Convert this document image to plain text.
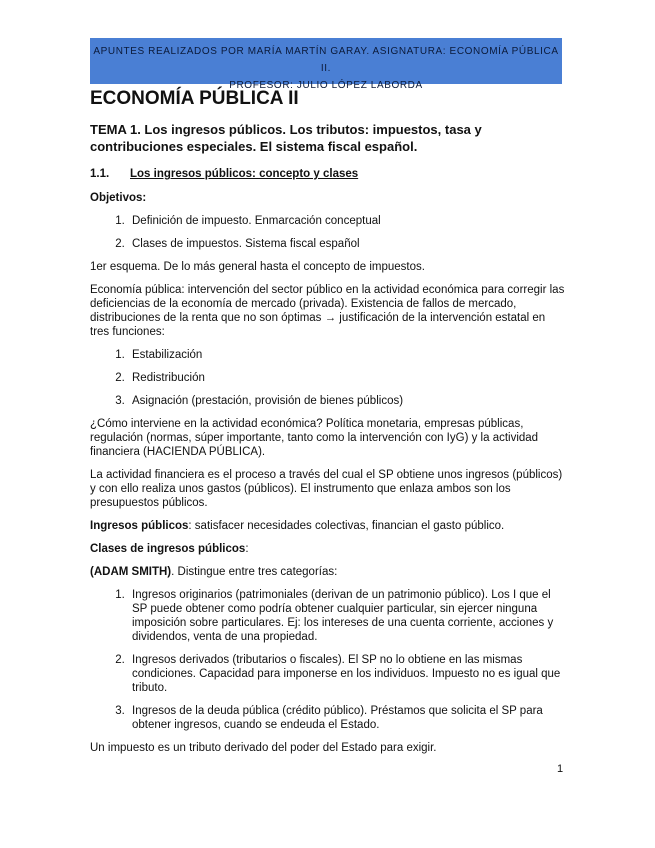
APUNTES REALIZADOS POR MARÍA MARTÍN GARAY. ASIGNATURA: ECONOMÍA PÚBLICA II.
PROFESOR: JULIO LÓPEZ LABORDA
ECONOMÍA PÚBLICA II
TEMA 1. Los ingresos públicos. Los tributos: impuestos, tasa y contribuciones especiales. El sistema fiscal español.
1.1. Los ingresos públicos: concepto y clases

Objetivos:

1. Definición de impuesto. Enmarcación conceptual
2. Clases de impuestos. Sistema fiscal español

1er esquema. De lo más general hasta el concepto de impuestos.

Economía pública: intervención del sector público en la actividad económica para corregir las deficiencias de la economía de mercado (privada). Existencia de fallos de mercado, distribuciones de la renta que no son óptimas → justificación de la intervención estatal en tres funciones:

1. Estabilización
2. Redistribución
3. Asignación (prestación, provisión de bienes públicos)

¿Cómo interviene en la actividad económica? Política monetaria, empresas públicas, regulación (normas, súper importante, tanto como la intervención con IyG) y la actividad financiera (HACIENDA PÚBLICA).

La actividad financiera es el proceso a través del cual el SP obtiene unos ingresos (públicos) y con ello realiza unos gastos (públicos). El instrumento que enlaza ambos son los presupuestos públicos.

Ingresos públicos: satisfacer necesidades colectivas, financian el gasto público.

Clases de ingresos públicos:

(ADAM SMITH). Distingue entre tres categorías:

1. Ingresos originarios (patrimoniales (derivan de un patrimonio público). Los I que el SP puede obtener como podría obtener cualquier particular, sin ejercer ninguna imposición sobre particulares. Ej: los intereses de una cuenta corriente, acciones y dividendos, venta de una propiedad.
2. Ingresos derivados (tributarios o fiscales). El SP no lo obtiene en las mismas condiciones. Capacidad para imponerse en los individuos. Impuesto no es igual que tributo.
3. Ingresos de la deuda pública (crédito público). Préstamos que solicita el SP para obtener ingresos, cuando se endeuda el Estado.

Un impuesto es un tributo derivado del poder del Estado para exigir.

1
